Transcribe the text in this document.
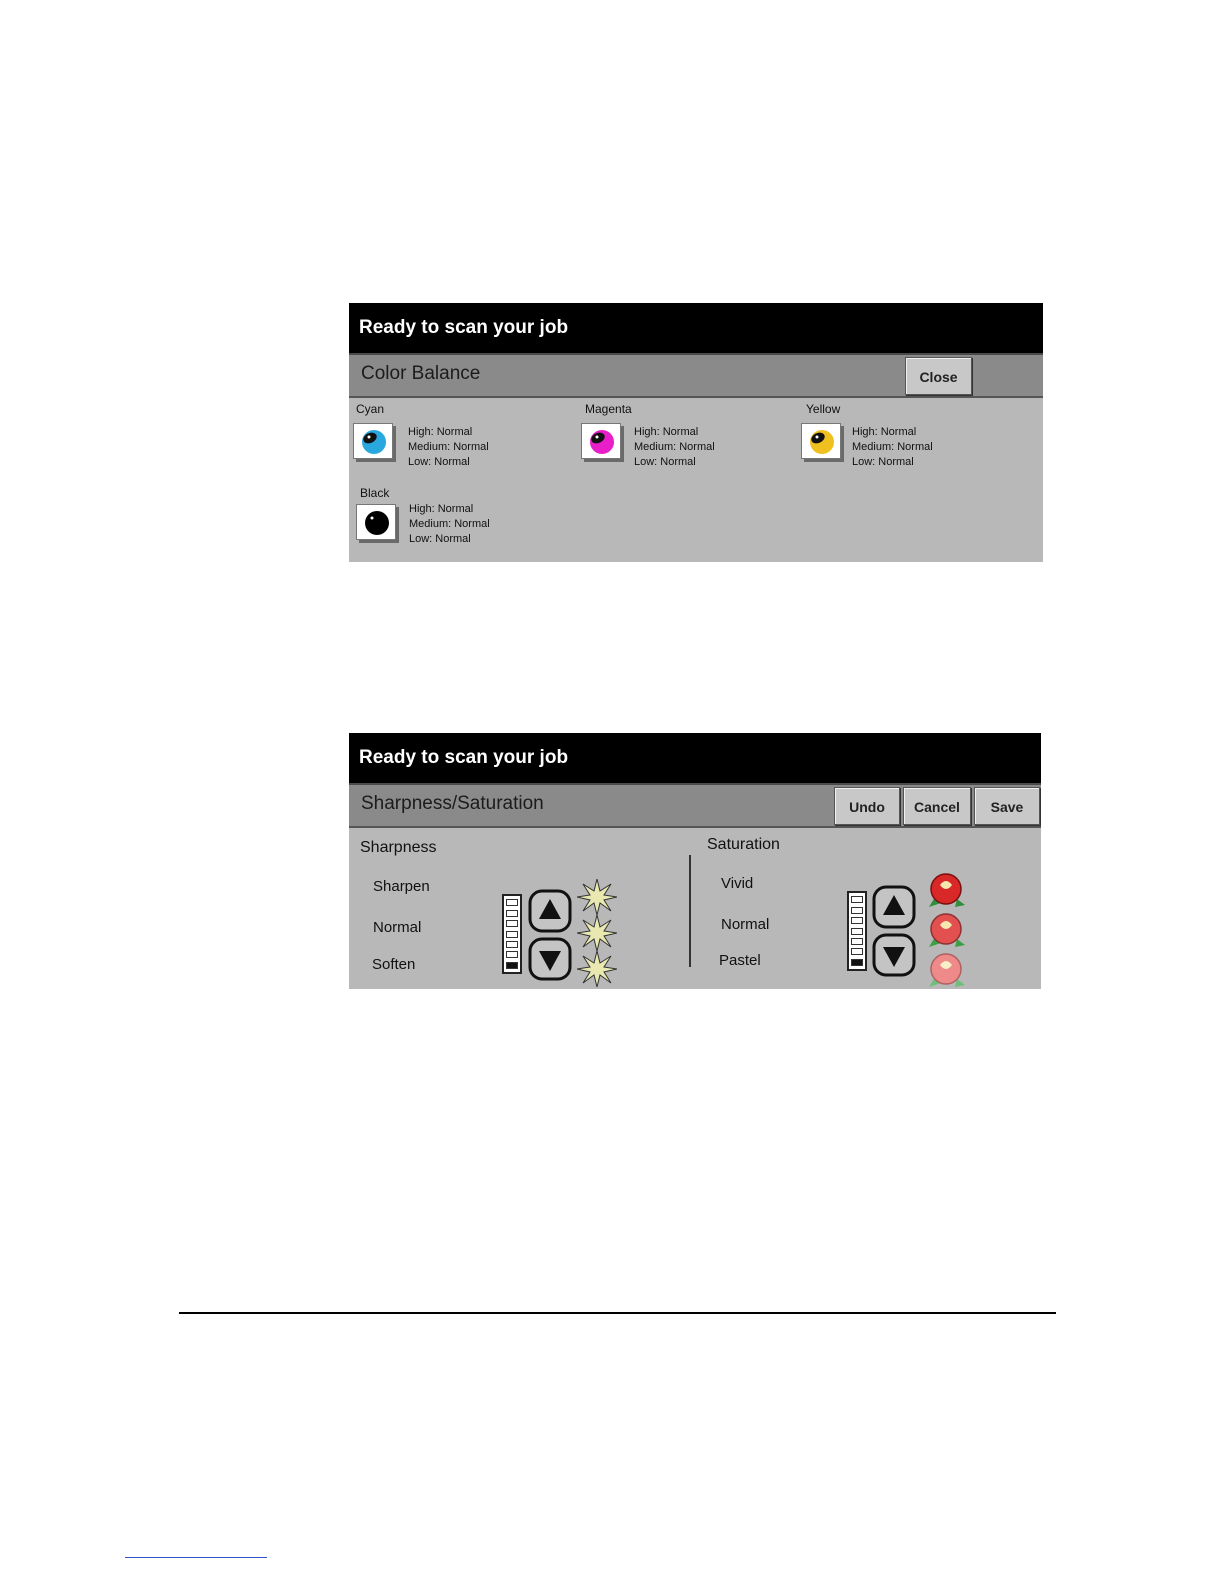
Ready to scan your job
Color Balance	Close
Cyan
High: Normal
Medium: Normal
Low: Normal
Magenta
High: Normal
Medium: Normal
Low: Normal
Yellow
High: Normal
Medium: Normal
Low: Normal
Black
High: Normal
Medium: Normal
Low: Normal
Ready to scan your job
Sharpness/Saturation	Undo	Cancel	Save
Sharpness
Sharpen
Normal
Soften
Saturation
Vivid
Normal
Pastel
